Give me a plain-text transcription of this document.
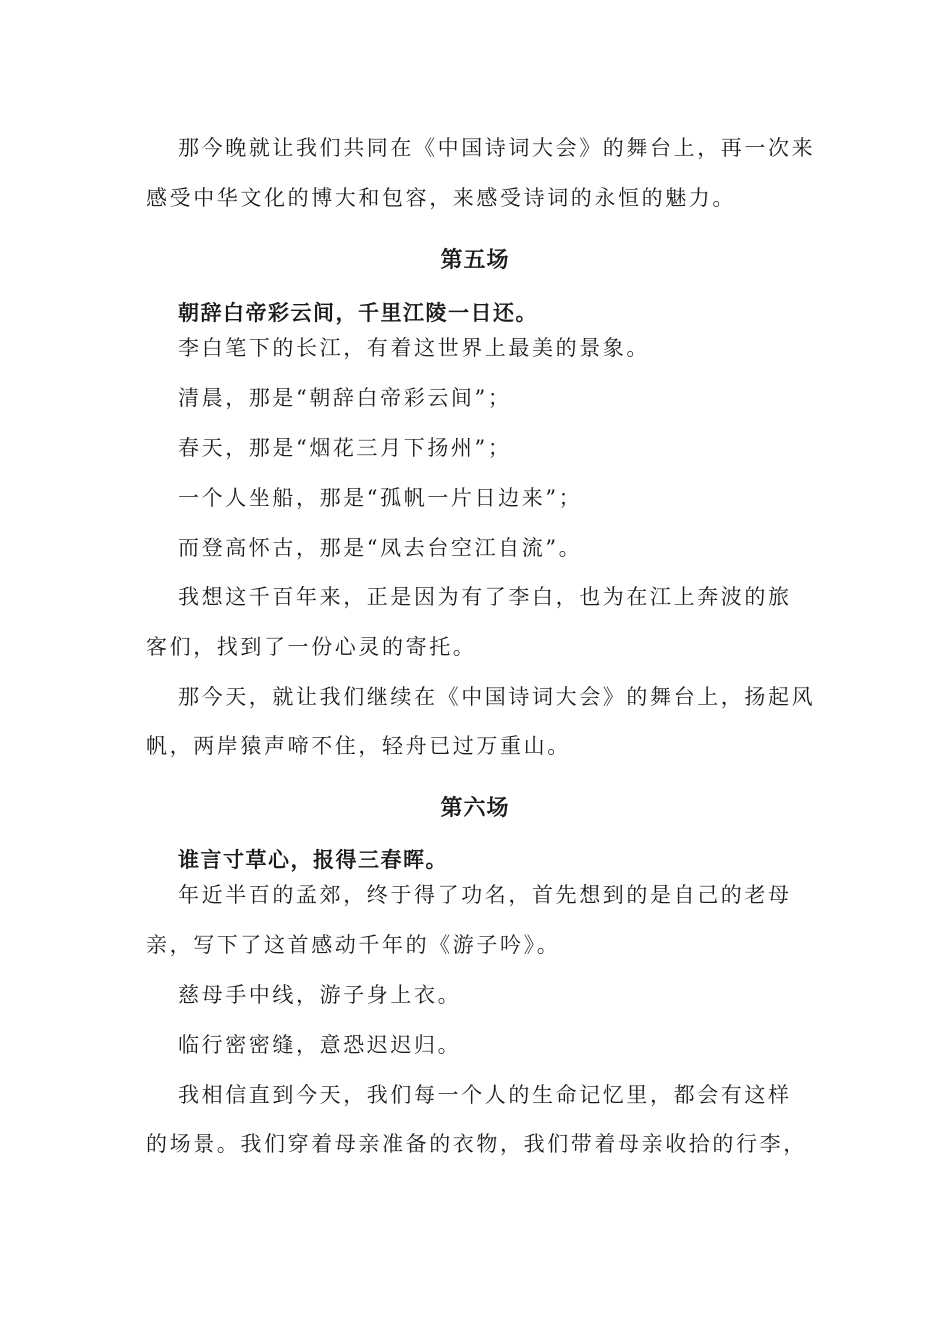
那今晚就让我们共同在《中国诗词大会》的舞台上，再一次来
感受中华文化的博大和包容，来感受诗词的永恒的魅力。
第五场
朝辞白帝彩云间，千里江陵一日还。
李白笔下的长江，有着这世界上最美的景象。
清晨，那是“朝辞白帝彩云间”；
春天，那是“烟花三月下扬州”；
一个人坐船，那是“孤帆一片日边来”；
而登高怀古，那是“凤去台空江自流”。
我想这千百年来，正是因为有了李白，也为在江上奔波的旅
客们，找到了一份心灵的寄托。
那今天，就让我们继续在《中国诗词大会》的舞台上，扬起风
帆，两岸猿声啼不住，轻舟已过万重山。
第六场
谁言寸草心，报得三春晖。
年近半百的孟郊，终于得了功名，首先想到的是自己的老母
亲，写下了这首感动千年的《游子吟》。
慈母手中线，游子身上衣。
临行密密缝，意恐迟迟归。
我相信直到今天，我们每一个人的生命记忆里，都会有这样
的场景。我们穿着母亲准备的衣物，我们带着母亲收拾的行李，
